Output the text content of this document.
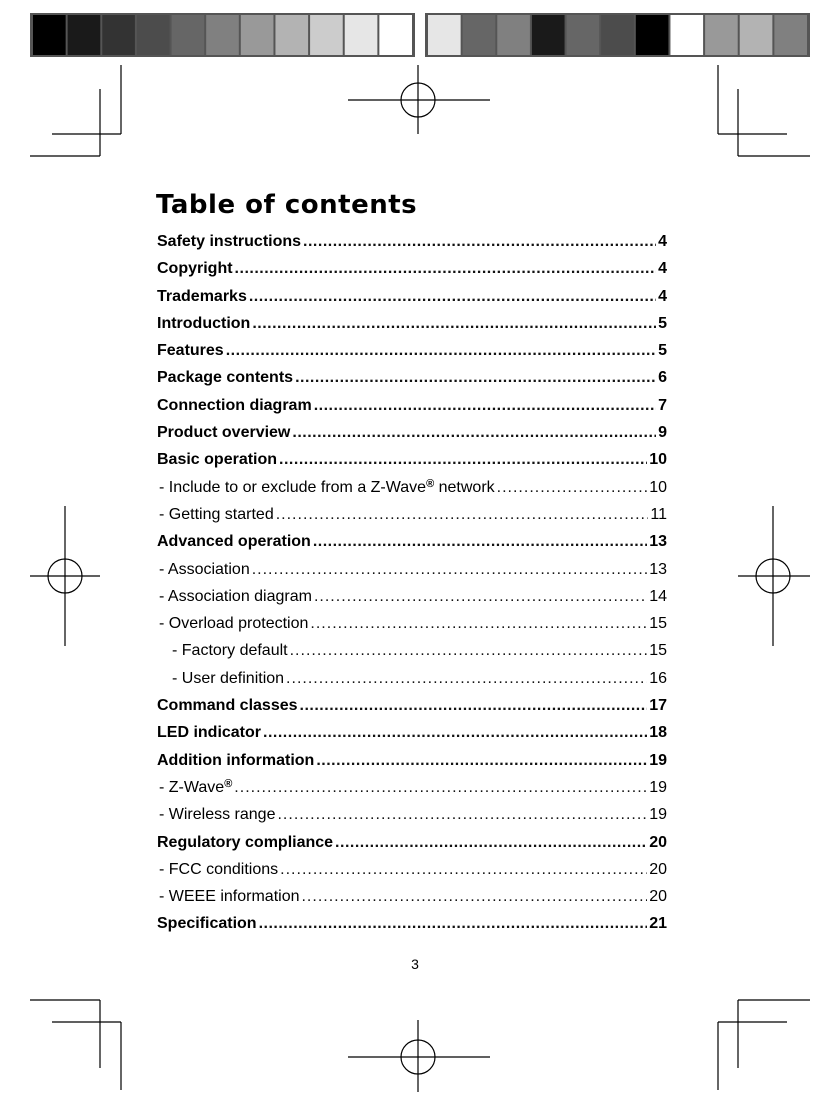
Table of contents
Safety instructions .....	4
Copyright .....	4
Trademarks .....	4
Introduction .....	5
Features .....	5
Package contents .....	6
Connection diagram .....	7
Product overview .....	9
Basic operation .....	10
- Include to or exclude from a Z-Wave® network .....	10
- Getting started .....	11
Advanced operation .....	13
- Association .....	13
- Association diagram .....	14
- Overload protection .....	15
- Factory default .....	15
- User definition .....	16
Command classes .....	17
LED indicator .....	18
Addition information .....	19
- Z-Wave® .....	19
- Wireless range .....	19
Regulatory compliance .....	20
- FCC conditions .....	20
- WEEE information .....	20
Specification .....	21
3
